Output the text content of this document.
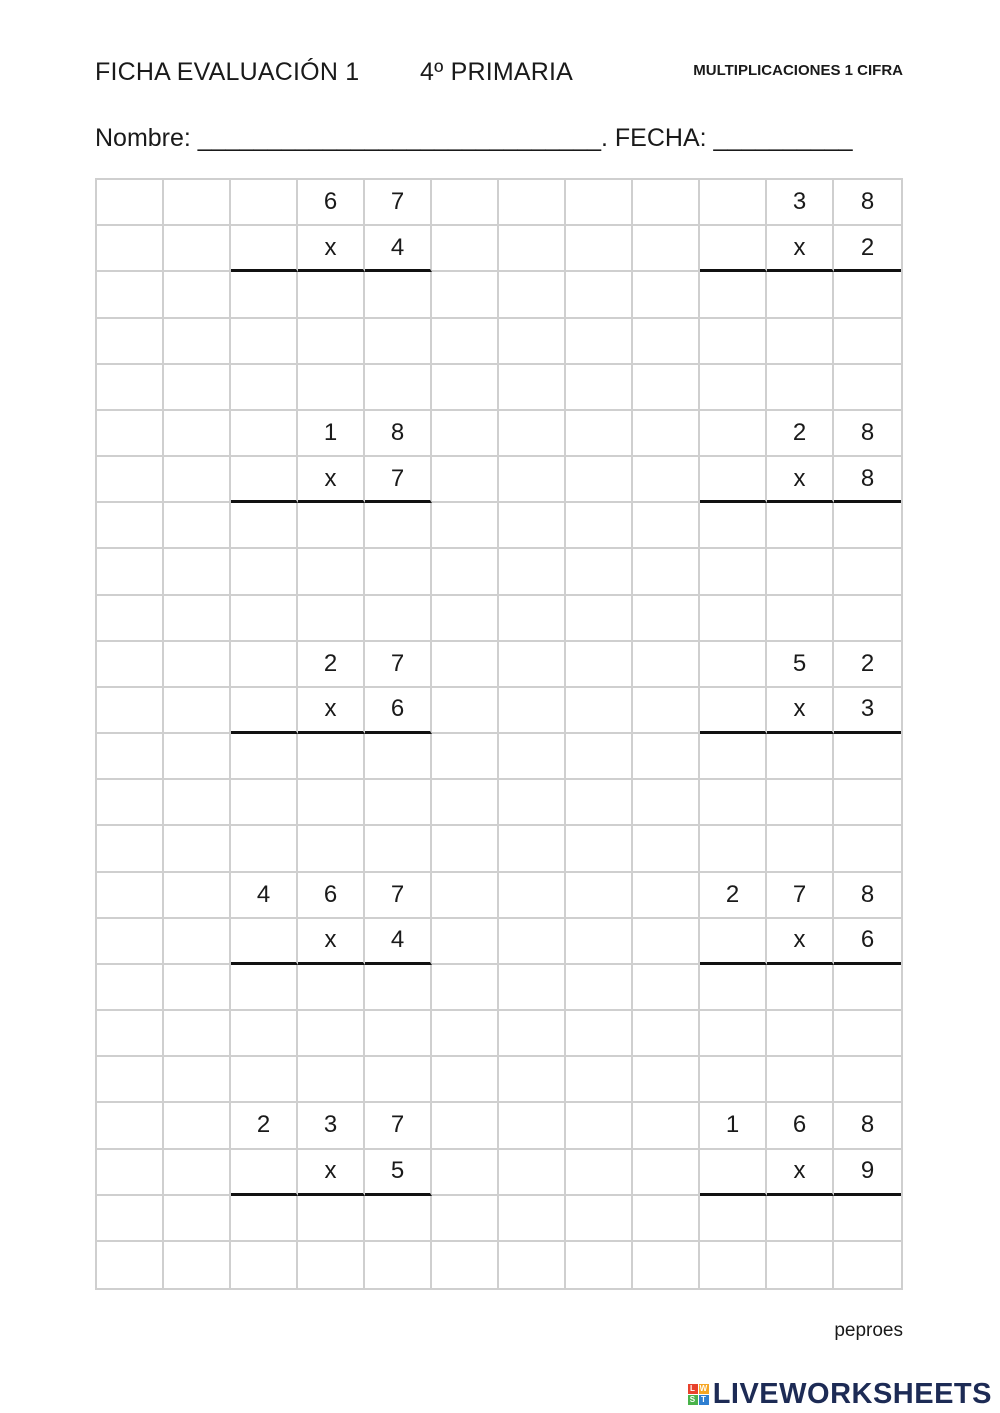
FICHA EVALUACIÓN 1 4º PRIMARIA	MULTIPLICACIONES 1 CIFRA
Nombre: _____________________________. FECHA: __________
6	7	3	8
x	4	x	2
1	8	2	8
x	7	x	8
2	7	5	2
x	6	x	3
4	6	7	2	7	8
x	4	x	6
2	3	7	1	6	8
x	5	x	9
peproes
L W
S T LIVEWORKSHEETS
